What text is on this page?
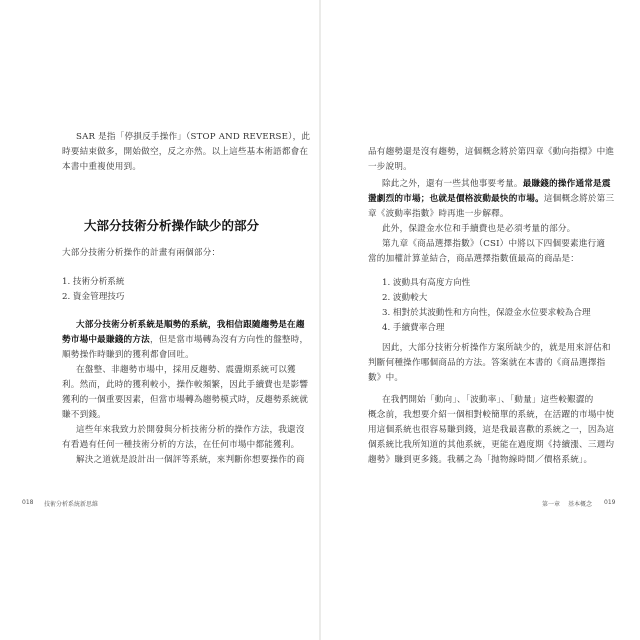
SAR 是指「停損反手操作」（STOP AND REVERSE），此

時要結束做多，開始做空，反之亦然。以上這些基本術語都會在

本書中重複使用到。

大部分技術分析操作缺少的部分

大部分技術分析操作的計畫有兩個部分：

1. 技術分析系統
2. 資金管理技巧

大部分技術分析系統是順勢的系統，我相信跟隨趨勢是在趨

勢市場中最賺錢的方法，但是當市場轉為沒有方向性的盤整時，

順勢操作時賺到的獲利都會回吐。

在盤整、非趨勢市場中，採用反趨勢、震盪期系統可以獲

利。然而，此時的獲利較小，操作較頻繁，因此手續費也是影響

獲利的一個重要因素，但當市場轉為趨勢模式時，反趨勢系統就

賺不到錢。

這些年來我致力於開發與分析技術分析的操作方法，我還沒

有看過有任何一種技術分析的方法，在任何市場中都能獲利。

解決之道就是設計出一個評等系統，來判斷你想要操作的商

018 技術分析系統新思維

品有趨勢還是沒有趨勢，這個概念將於第四章《動向指標》中進

一步說明。

除此之外，還有一些其他事要考量。最賺錢的操作通常是震

盪劇烈的市場；也就是價格波動最快的市場。這個概念將於第三

章《波動率指數》時再進一步解釋。

此外，保證金水位和手續費也是必須考量的部分。

第九章《商品選擇指數》（CSI）中將以下四個要素進行適

當的加權計算並結合，商品選擇指數值最高的商品是：

1. 波動具有高度方向性
2. 波動較大
3. 相對於其波動性和方向性，保證金水位要求較為合理
4. 手續費率合理

因此，大部分技術分析操作方案所缺少的，就是用來評估和

判斷何種操作哪個商品的方法。答案就在本書的《商品選擇指

數》中。

在我們開始「動向」、「波動率」、「動量」這些較艱澀的

概念前，我想要介紹一個相對較簡單的系統，在活躍的市場中使

用這個系統也很容易賺到錢，這是我最喜歡的系統之一，因為這

個系統比我所知道的其他系統，更能在過度期《持續漲、三週均

趨勢》賺到更多錢。我稱之為「抛物線時間／價格系統」。

第一章 基本概念 019
